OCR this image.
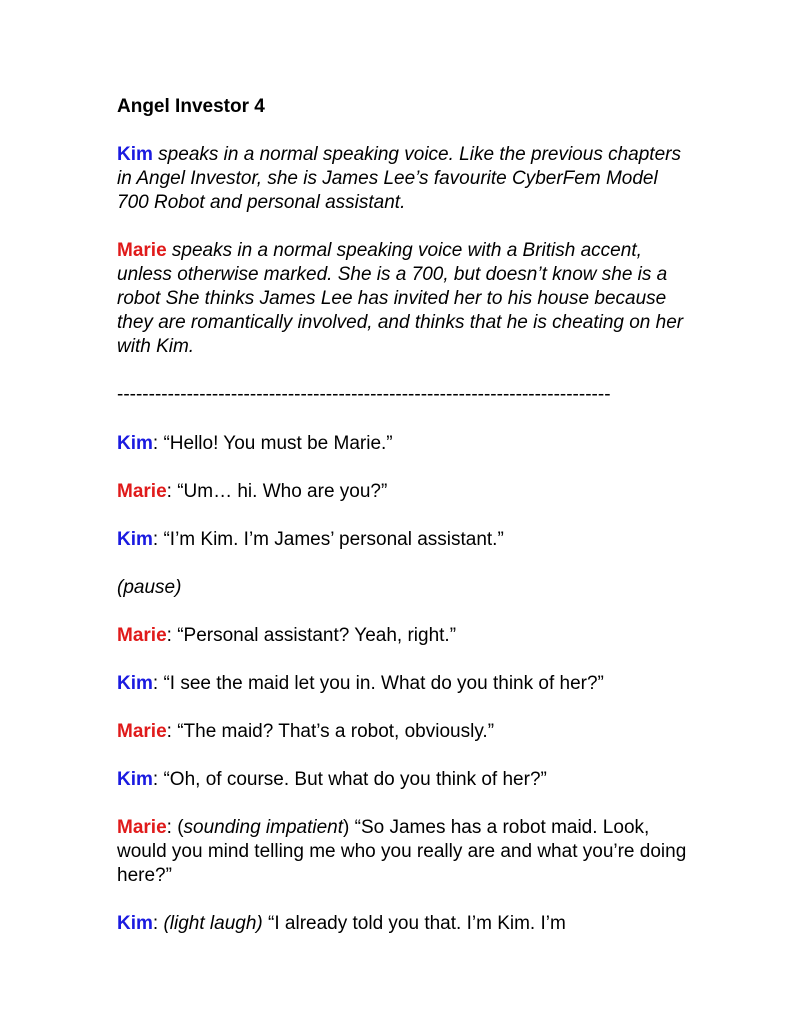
Angel Investor 4

Kim speaks in a normal speaking voice. Like the previous chapters in Angel Investor, she is James Lee’s favourite CyberFem Model 700 Robot and personal assistant.

Marie speaks in a normal speaking voice with a British accent, unless otherwise marked. She is a 700, but doesn’t know she is a robot She thinks James Lee has invited her to his house because they are romantically involved, and thinks that he is cheating on her with Kim.

------------------------------------------------------------------------------

Kim: “Hello! You must be Marie.”

Marie: “Um… hi. Who are you?”

Kim: “I’m Kim. I’m James’ personal assistant.”

(pause)

Marie: “Personal assistant? Yeah, right.”

Kim: “I see the maid let you in. What do you think of her?”

Marie: “The maid? That’s a robot, obviously.”

Kim: “Oh, of course. But what do you think of her?”

Marie: (sounding impatient) “So James has a robot maid. Look, would you mind telling me who you really are and what you’re doing here?”

Kim: (light laugh) “I already told you that. I’m Kim. I’m
